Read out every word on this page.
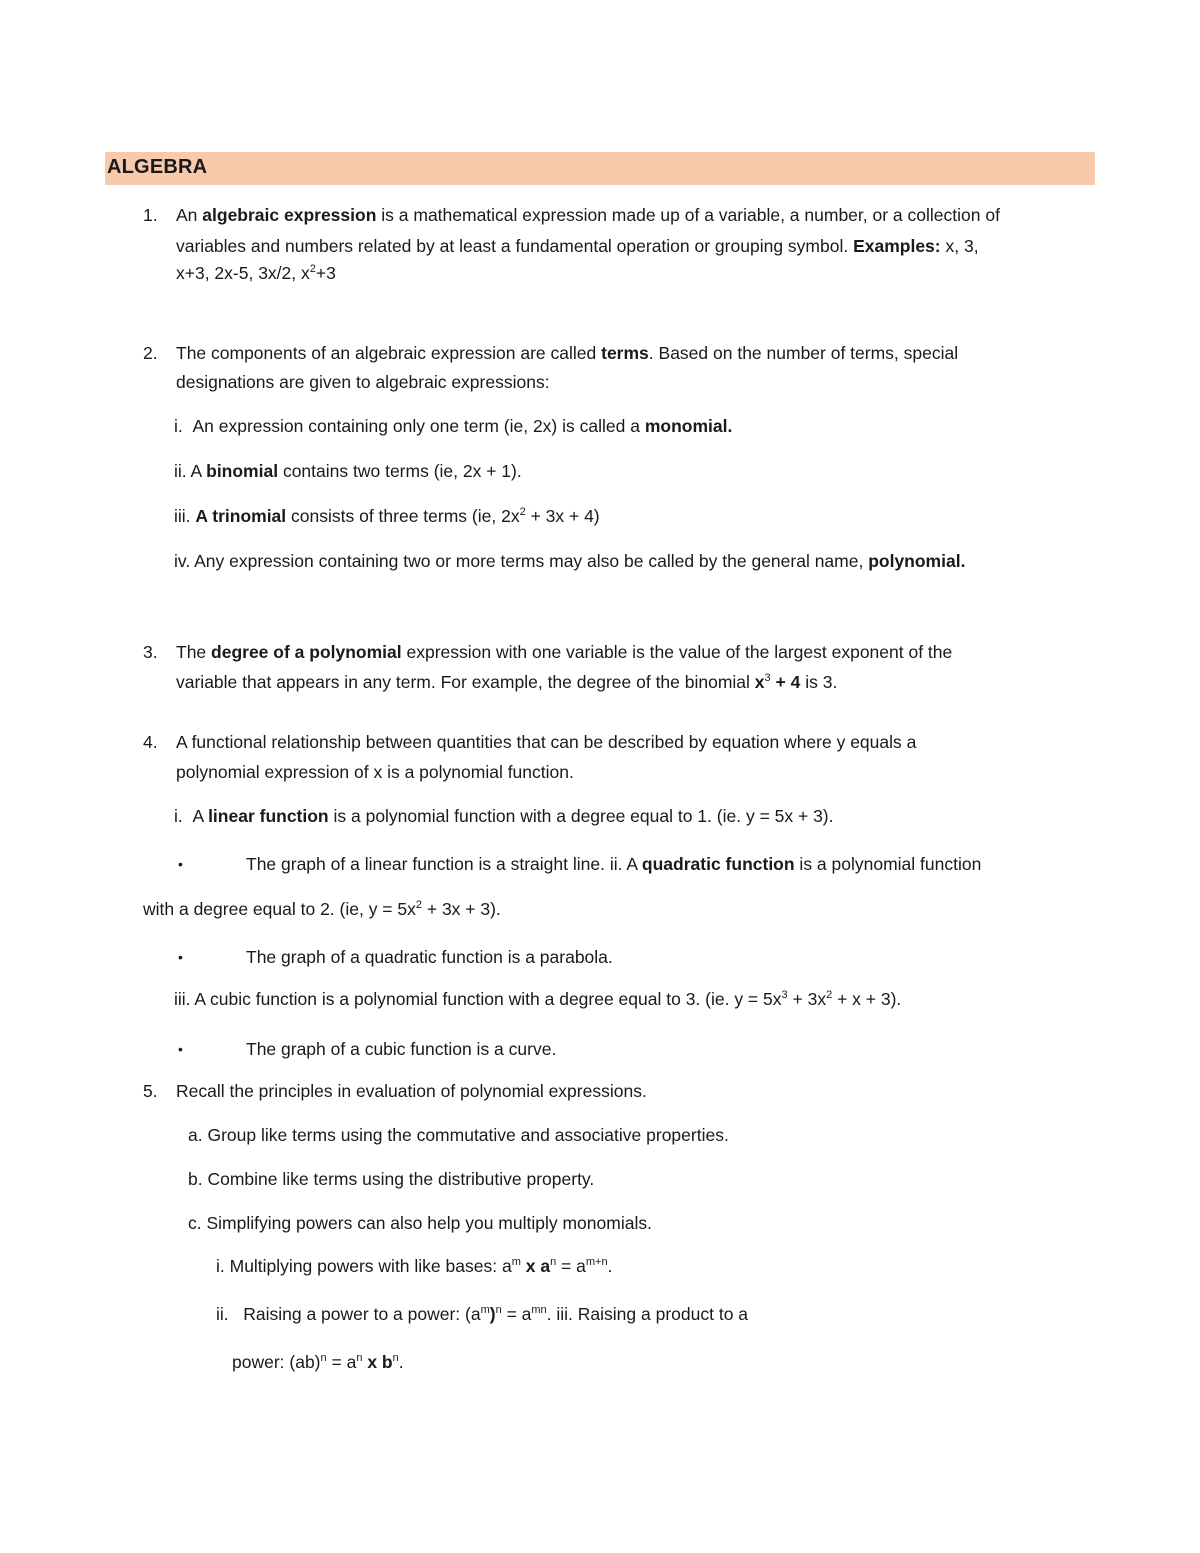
ALGEBRA
1. An algebraic expression is a mathematical expression made up of a variable, a number, or a collection of
variables and numbers related by at least a fundamental operation or grouping symbol. Examples: x, 3,
x+3, 2x-5, 3x/2, $x^2+3$
2. The components of an algebraic expression are called terms. Based on the number of terms, special
designations are given to algebraic expressions:
i. An expression containing only one term (ie, 2x) is called a monomial.
ii. A binomial contains two terms (ie, 2x + 1).
iii. A trinomial consists of three terms (ie, $2x^2 + 3x + 4$)
iv. Any expression containing two or more terms may also be called by the general name, polynomial.
3. The degree of a polynomial expression with one variable is the value of the largest exponent of the
variable that appears in any term. For example, the degree of the binomial $x^3 + 4$ is 3.
4. A functional relationship between quantities that can be described by equation where y equals a
polynomial expression of x is a polynomial function.
i. A linear function is a polynomial function with a degree equal to 1. (ie. y = 5x + 3).
•	The graph of a linear function is a straight line. ii. A quadratic function is a polynomial function
with a degree equal to 2. (ie, $y = 5x^2 + 3x + 3$).
•	The graph of a quadratic function is a parabola.
iii. A cubic function is a polynomial function with a degree equal to 3. (ie. $y = 5x^3 + 3x^2 + x + 3$).
•	The graph of a cubic function is a curve.
5. Recall the principles in evaluation of polynomial expressions.
a. Group like terms using the commutative and associative properties.
b. Combine like terms using the distributive property.
c. Simplifying powers can also help you multiply monomials.
i. Multiplying powers with like bases: $a^m$ x $a^n = a^{m+n}$.
ii. Raising a power to a power: $(a^m)^n = a^{mn}$. iii. Raising a product to a
power: $(ab)^n = a^n$ x $b^n$.
